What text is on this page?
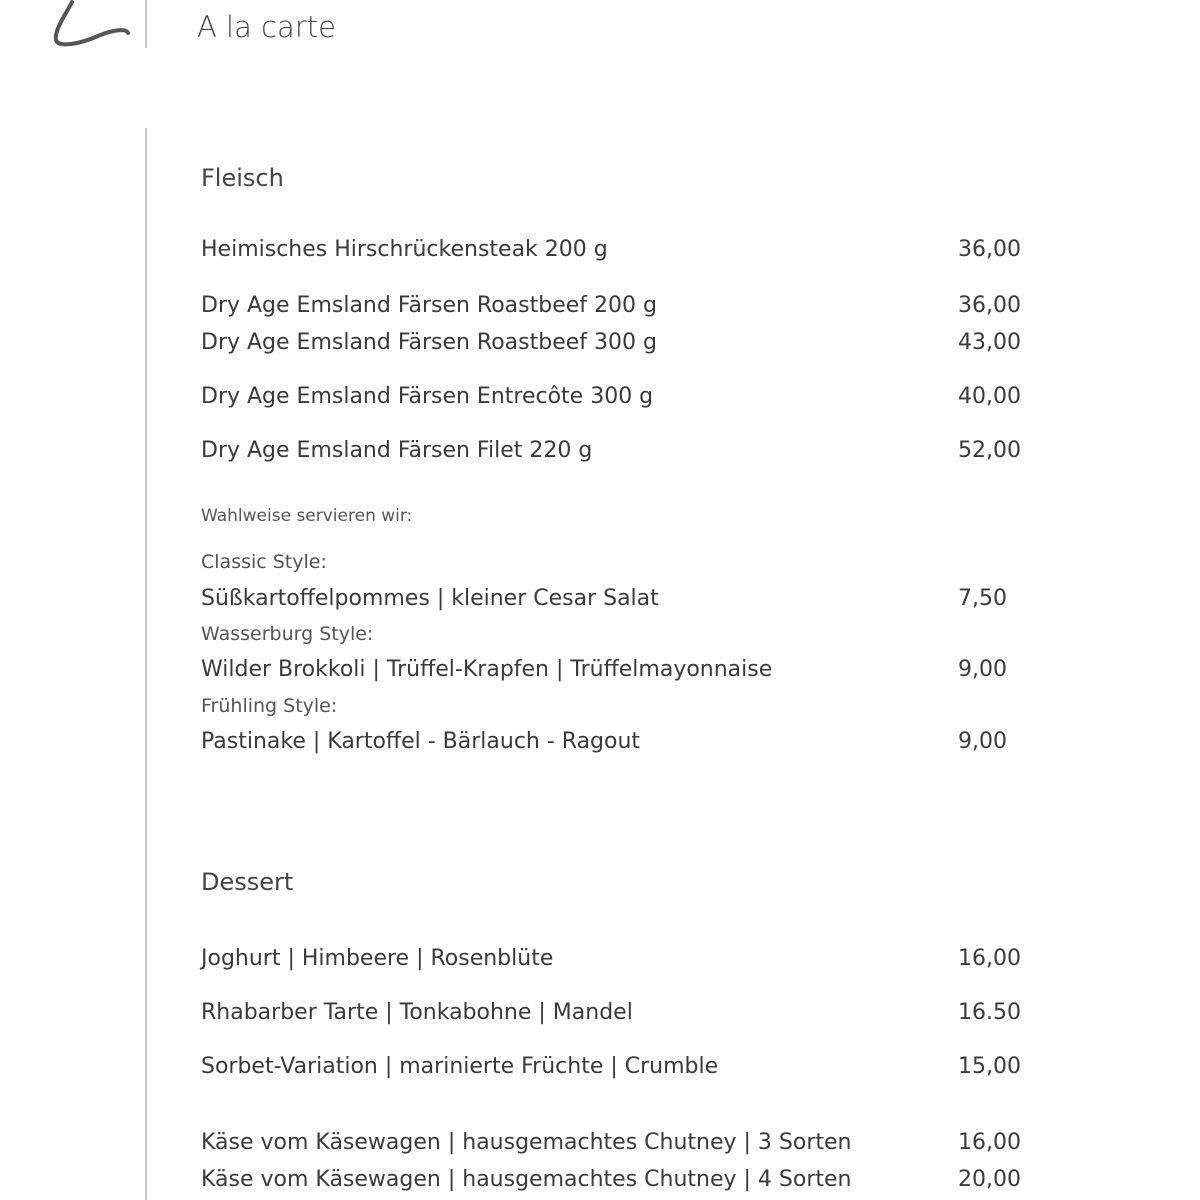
A la carte
Fleisch
Heimisches Hirschrückensteak 200 g	36,00
Dry Age Emsland Färsen Roastbeef 200 g	36,00
Dry Age Emsland Färsen Roastbeef 300 g	43,00
Dry Age Emsland Färsen Entrecôte 300 g	40,00
Dry Age Emsland Färsen Filet 220 g	52,00
Wahlweise servieren wir:
Classic Style:
Süßkartoffelpommes | kleiner Cesar Salat	7,50
Wasserburg Style:
Wilder Brokkoli | Trüffel-Krapfen | Trüffelmayonnaise	9,00
Frühling Style:
Pastinake | Kartoffel - Bärlauch - Ragout	9,00
Dessert
Joghurt | Himbeere | Rosenblüte	16,00
Rhabarber Tarte | Tonkabohne | Mandel	16.50
Sorbet-Variation | marinierte Früchte | Crumble	15,00
Käse vom Käsewagen | hausgemachtes Chutney | 3 Sorten	16,00
Käse vom Käsewagen | hausgemachtes Chutney | 4 Sorten	20,00
